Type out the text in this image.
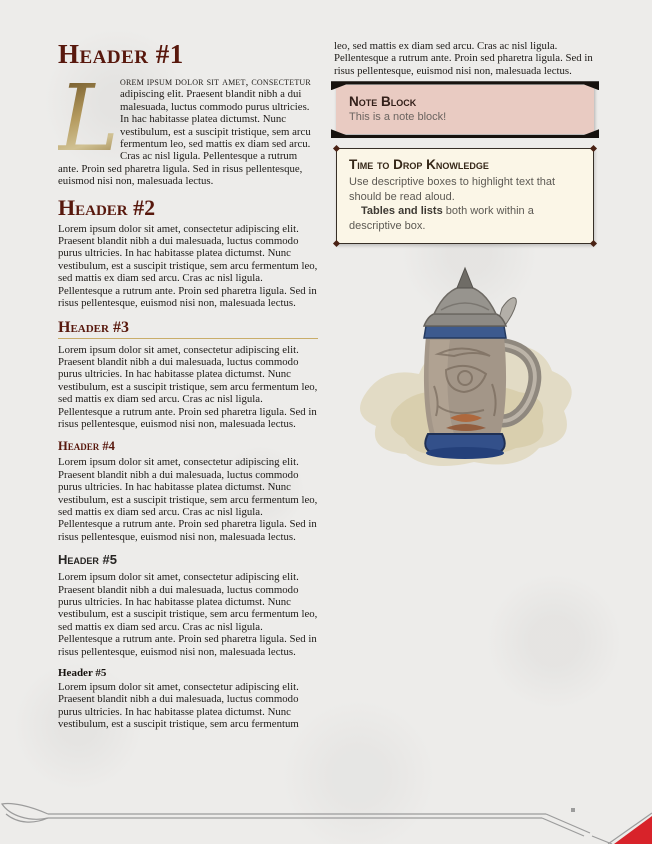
Header #1

L orem ipsum dolor sit amet, consectetur adipiscing elit. Praesent blandit nibh a dui malesuada, luctus commodo purus ultricies. In hac habitasse platea dictumst. Nunc vestibulum, est a suscipit tristique, sem arcu fermentum leo, sed mattis ex diam sed arcu. Cras ac nisl ligula. Pellentesque a rutrum ante. Proin sed pharetra ligula. Sed in risus pellentesque, euismod nisi non, malesuada lectus.

Header #2

Lorem ipsum dolor sit amet, consectetur adipiscing elit. Praesent blandit nibh a dui malesuada, luctus commodo purus ultricies. In hac habitasse platea dictumst. Nunc vestibulum, est a suscipit tristique, sem arcu fermentum leo, sed mattis ex diam sed arcu. Cras ac nisl ligula. Pellentesque a rutrum ante. Proin sed pharetra ligula. Sed in risus pellentesque, euismod nisi non, malesuada lectus.

Header #3

Lorem ipsum dolor sit amet, consectetur adipiscing elit. Praesent blandit nibh a dui malesuada, luctus commodo purus ultricies. In hac habitasse platea dictumst. Nunc vestibulum, est a suscipit tristique, sem arcu fermentum leo, sed mattis ex diam sed arcu. Cras ac nisl ligula. Pellentesque a rutrum ante. Proin sed pharetra ligula. Sed in risus pellentesque, euismod nisi non, malesuada lectus.

Header #4

Lorem ipsum dolor sit amet, consectetur adipiscing elit. Praesent blandit nibh a dui malesuada, luctus commodo purus ultricies. In hac habitasse platea dictumst. Nunc vestibulum, est a suscipit tristique, sem arcu fermentum leo, sed mattis ex diam sed arcu. Cras ac nisl ligula. Pellentesque a rutrum ante. Proin sed pharetra ligula. Sed in risus pellentesque, euismod nisi non, malesuada lectus.

Header #5

Lorem ipsum dolor sit amet, consectetur adipiscing elit. Praesent blandit nibh a dui malesuada, luctus commodo purus ultricies. In hac habitasse platea dictumst. Nunc vestibulum, est a suscipit tristique, sem arcu fermentum leo, sed mattis ex diam sed arcu. Cras ac nisl ligula. Pellentesque a rutrum ante. Proin sed pharetra ligula. Sed in risus pellentesque, euismod nisi non, malesuada lectus.

Header #5

Lorem ipsum dolor sit amet, consectetur adipiscing elit. Praesent blandit nibh a dui malesuada, luctus commodo purus ultricies. In hac habitasse platea dictumst. Nunc vestibulum, est a suscipit tristique, sem arcu fermentum

leo, sed mattis ex diam sed arcu. Cras ac nisl ligula. Pellentesque a rutrum ante. Proin sed pharetra ligula. Sed in risus pellentesque, euismod nisi non, malesuada lectus.

Note Block
This is a note block!
Time to Drop Knowledge

Use descriptive boxes to highlight text that should be read aloud.

Tables and lists both work within a descriptive box.
